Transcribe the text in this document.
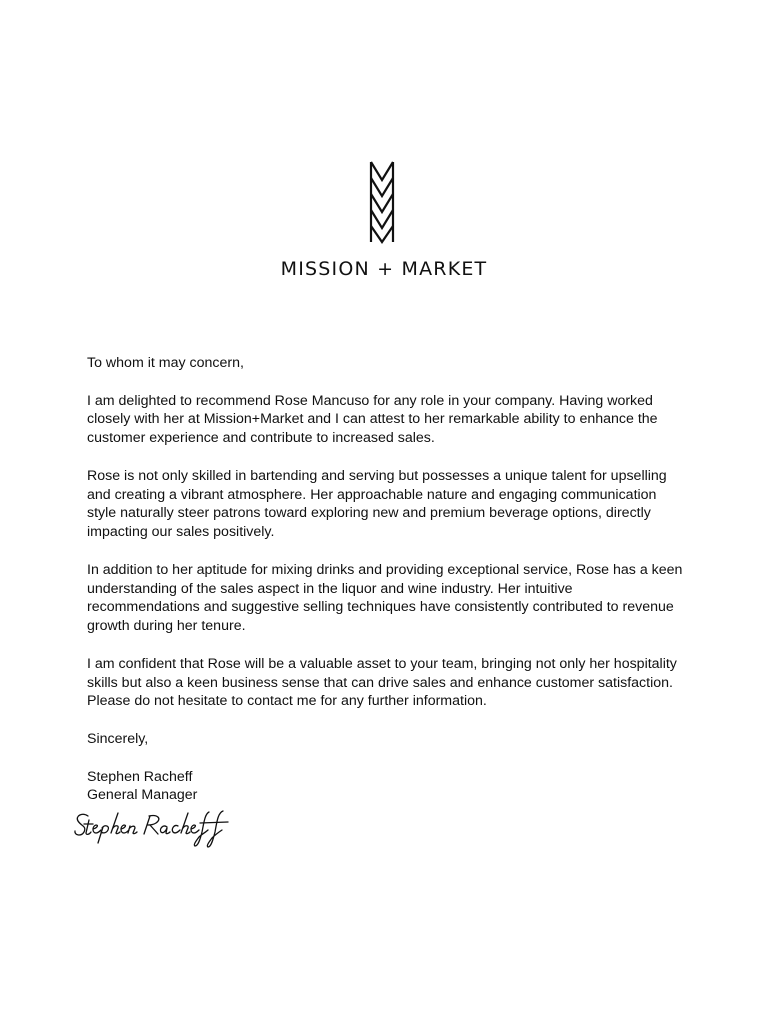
MISSION + MARKET

To whom it may concern,

I am delighted to recommend Rose Mancuso for any role in your company. Having worked closely with her at Mission+Market and I can attest to her remarkable ability to enhance the customer experience and contribute to increased sales.

Rose is not only skilled in bartending and serving but possesses a unique talent for upselling and creating a vibrant atmosphere. Her approachable nature and engaging communication style naturally steer patrons toward exploring new and premium beverage options, directly impacting our sales positively.

In addition to her aptitude for mixing drinks and providing exceptional service, Rose has a keen understanding of the sales aspect in the liquor and wine industry. Her intuitive recommendations and suggestive selling techniques have consistently contributed to revenue growth during her tenure.

I am confident that Rose will be a valuable asset to your team, bringing not only her hospitality skills but also a keen business sense that can drive sales and enhance customer satisfaction. Please do not hesitate to contact me for any further information.

Sincerely,

Stephen Racheff

General Manager
